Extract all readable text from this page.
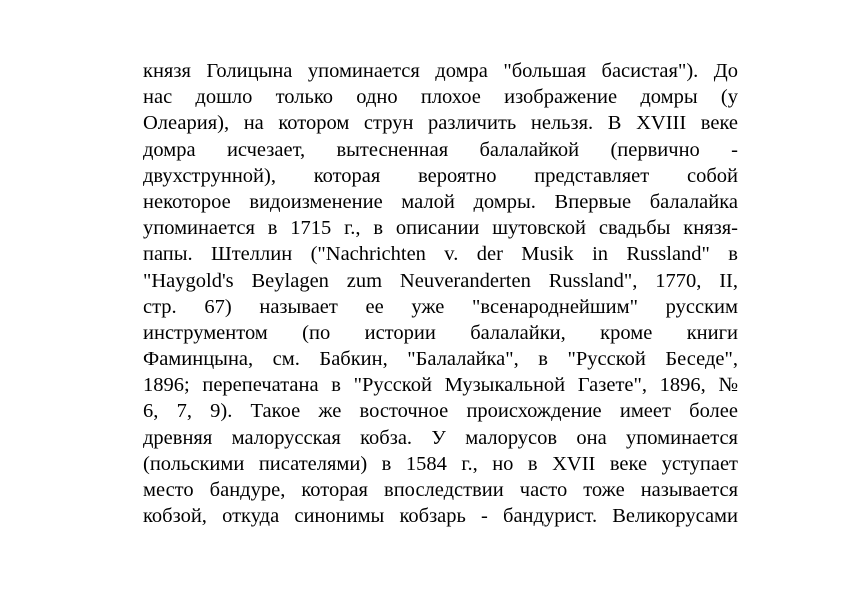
князя Голицына упоминается домра "большая басистая"). До
нас дошло только одно плохое изображение домры (у
Олеария), на котором струн различить нельзя. В XVIII веке
домра исчезает, вытесненная балалайкой (первично -
двухструнной), которая вероятно представляет собой
некоторое видоизменение малой домры. Впервые балалайка
упоминается в 1715 г., в описании шутовской свадьбы князя-
папы. Штеллин ("Nachrichten v. der Musik in Russland" в
"Haygold's Beylagen zum Neuveranderten Russland", 1770, II,
стр. 67) называет ее уже "всенароднейшим" русским
инструментом (по истории балалайки, кроме книги
Фаминцына, см. Бабкин, "Балалайка", в "Русской Беседе",
1896; перепечатана в "Русской Музыкальной Газете", 1896, №
6, 7, 9). Такое же восточное происхождение имеет более
древняя малорусская кобза. У малорусов она упоминается
(польскими писателями) в 1584 г., но в XVII веке уступает
место бандуре, которая впоследствии часто тоже называется
кобзой, откуда синонимы кобзарь - бандурист. Великорусами
